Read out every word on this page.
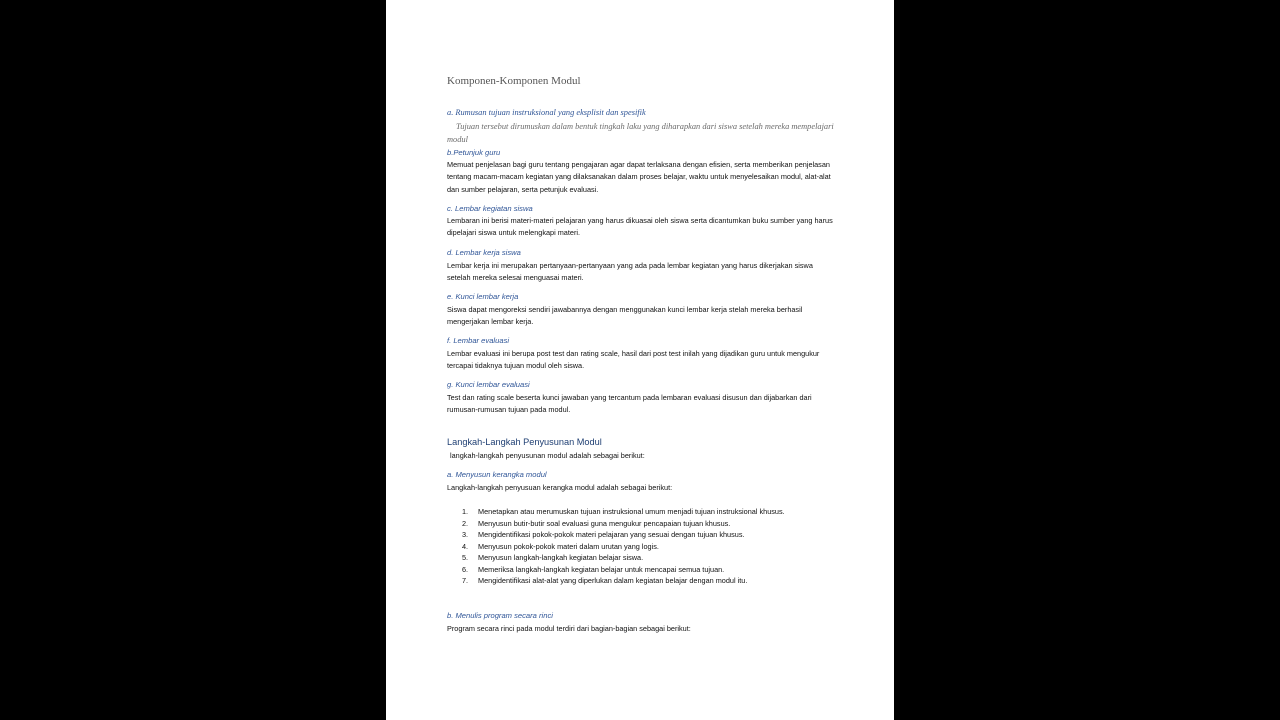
Komponen-Komponen Modul
a. Rumusan tujuan instruksional yang eksplisit dan spesifik
Tujuan tersebut dirumuskan dalam bentuk tingkah laku yang diharapkan dari siswa setelah mereka mempelajari modul
b.Petunjuk guru
Memuat penjelasan bagi guru tentang pengajaran agar dapat terlaksana dengan efisien, serta memberikan penjelasan tentang macam-macam kegiatan yang dilaksanakan dalam proses belajar, waktu untuk menyelesaikan modul, alat-alat dan sumber pelajaran, serta petunjuk evaluasi.
c. Lembar kegiatan siswa
Lembaran ini berisi materi-materi pelajaran yang harus dikuasai oleh siswa serta dicantumkan buku sumber yang harus dipelajari siswa untuk melengkapi materi.
d. Lembar kerja siswa
Lembar kerja ini merupakan pertanyaan-pertanyaan yang ada pada lembar kegiatan yang harus dikerjakan siswa setelah mereka selesai menguasai materi.
e. Kunci lembar kerja
Siswa dapat mengoreksi sendiri jawabannya dengan menggunakan kunci lembar kerja stelah mereka berhasil mengerjakan lembar kerja.
f. Lembar evaluasi
Lembar evaluasi ini berupa post test dan rating scale, hasil dari post test inilah yang dijadikan guru untuk mengukur tercapai tidaknya tujuan modul oleh siswa.
g. Kunci lembar evaluasi
Test dan rating scale beserta kunci jawaban yang tercantum pada lembaran evaluasi disusun dan dijabarkan dari rumusan-rumusan tujuan pada modul.
Langkah-Langkah Penyusunan Modul
langkah-langkah penyusunan modul adalah sebagai berikut:
a. Menyusun kerangka modul
Langkah-langkah penyusuan kerangka modul adalah sebagai berikut:
1. Menetapkan atau merumuskan tujuan instruksional umum menjadi tujuan instruksional khusus.
2. Menyusun butir-butir soal evaluasi guna mengukur pencapaian tujuan khusus.
3. Mengidentifikasi pokok-pokok materi pelajaran yang sesuai dengan tujuan khusus.
4. Menyusun pokok-pokok materi dalam urutan yang logis.
5. Menyusun langkah-langkah kegiatan belajar siswa.
6. Memeriksa langkah-langkah kegiatan belajar untuk mencapai semua tujuan.
7. Mengidentifikasi alat-alat yang diperlukan dalam kegiatan belajar dengan modul itu.
b. Menulis program secara rinci
Program secara rinci pada modul terdiri dari bagian-bagian sebagai berikut:
